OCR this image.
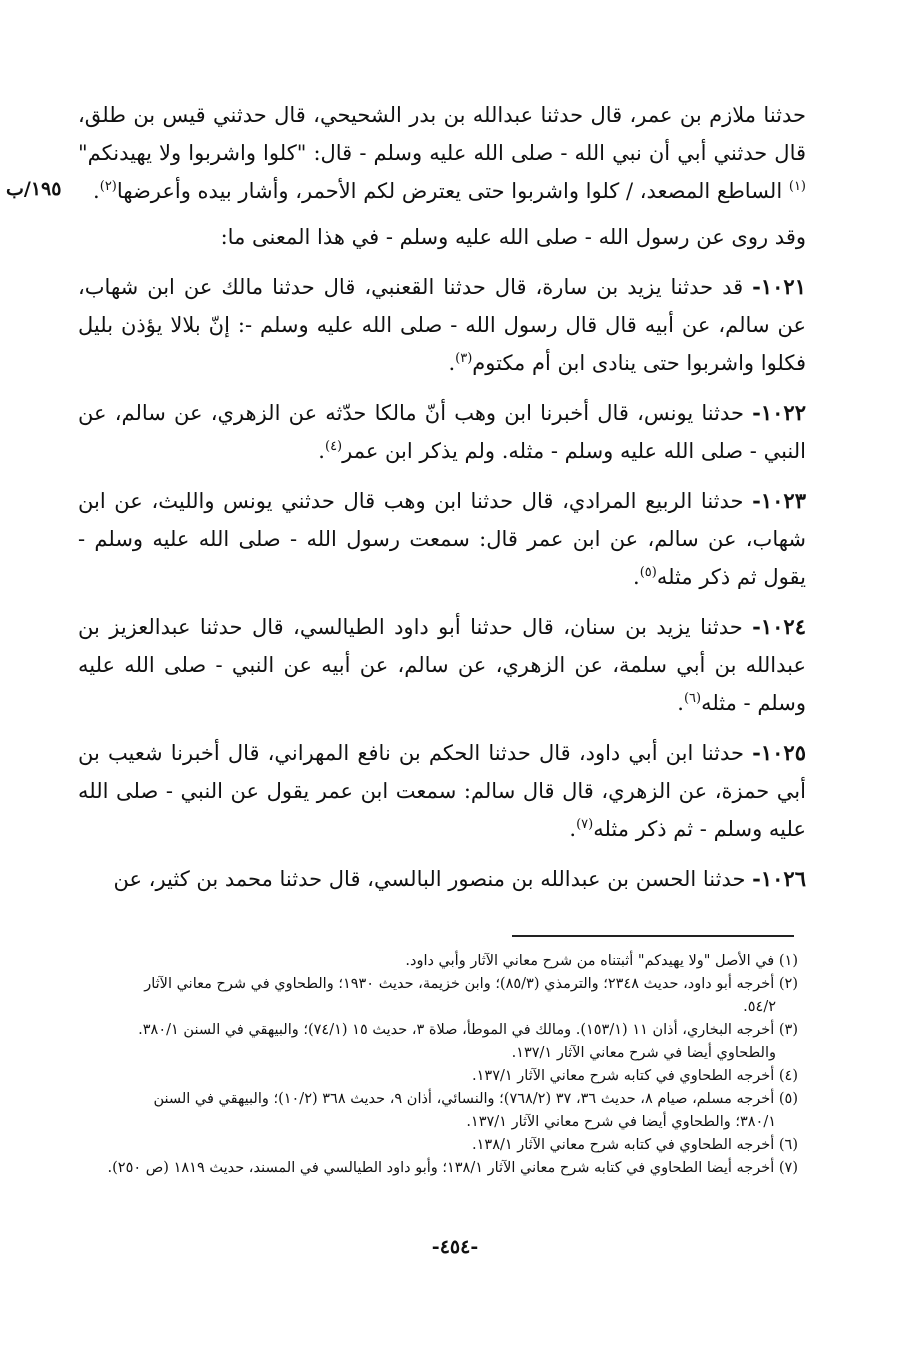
١٩٥/ب

حدثنا ملازم بن عمر، قال حدثنا عبدالله بن بدر الشحيحي، قال حدثني قيس بن طلق، قال حدثني أبي أن نبي الله - صلى الله عليه وسلم - قال: "كلوا واشربوا ولا يهيدنكم"$^{(١)}$ الساطع المصعد، / كلوا واشربوا حتى يعترض لكم الأحمر، وأشار بيده وأعرضها$^{(٢)}$.

وقد روى عن رسول الله - صلى الله عليه وسلم - في هذا المعنى ما:

١٠٢١- قد حدثنا يزيد بن سارة، قال حدثنا القعنبي، قال حدثنا مالك عن ابن شهاب، عن سالم، عن أبيه قال قال رسول الله - صلى الله عليه وسلم -: إنّ بلالا يؤذن بليل فكلوا واشربوا حتى ينادى ابن أم مكتوم$^{(٣)}$.

١٠٢٢- حدثنا يونس، قال أخبرنا ابن وهب أنّ مالكا حدّثه عن الزهري، عن سالم، عن النبي - صلى الله عليه وسلم - مثله. ولم يذكر ابن عمر$^{(٤)}$.

١٠٢٣- حدثنا الربيع المرادي، قال حدثنا ابن وهب قال حدثني يونس والليث، عن ابن شهاب، عن سالم، عن ابن عمر قال: سمعت رسول الله - صلى الله عليه وسلم - يقول ثم ذكر مثله$^{(٥)}$.

١٠٢٤- حدثنا يزيد بن سنان، قال حدثنا أبو داود الطيالسي، قال حدثنا عبدالعزيز بن عبدالله بن أبي سلمة، عن الزهري، عن سالم، عن أبيه عن النبي - صلى الله عليه وسلم - مثله$^{(٦)}$.

١٠٢٥- حدثنا ابن أبي داود، قال حدثنا الحكم بن نافع المهراني، قال أخبرنا شعيب بن أبي حمزة، عن الزهري، قال قال سالم: سمعت ابن عمر يقول عن النبي - صلى الله عليه وسلم - ثم ذكر مثله$^{(٧)}$.

١٠٢٦- حدثنا الحسن بن عبدالله بن منصور البالسي، قال حدثنا محمد بن كثير، عن

(١) في الأصل "ولا يهيدكم" أثبتناه من شرح معاني الآثار وأبي داود.

(٢) أخرجه أبو داود، حديث ٢٣٤٨؛ والترمذي (٨٥/٣)؛ وابن خزيمة، حديث ١٩٣٠؛ والطحاوي في شرح معاني الآثار
٥٤/٢.

(٣) أخرجه البخاري، أذان ١١ (١٥٣/١). ومالك في الموطأ، صلاة ٣، حديث ١٥ (٧٤/١)؛ والبيهقي في السنن ٣٨٠/١.
والطحاوي أيضا في شرح معاني الآثار ١٣٧/١.

(٤) أخرجه الطحاوي في كتابه شرح معاني الآثار ١٣٧/١.

(٥) أخرجه مسلم، صيام ٨، حديث ٣٦، ٣٧ (٧٦٨/٢)؛ والنسائي، أذان ٩، حديث ٣٦٨ (١٠/٢)؛ والبيهقي في السنن
٣٨٠/١؛ والطحاوي أيضا في شرح معاني الآثار ١٣٧/١.

(٦) أخرجه الطحاوي في كتابه شرح معاني الآثار ١٣٨/١.

(٧) أخرجه أيضا الطحاوي في كتابه شرح معاني الآثار ١٣٨/١؛ وأبو داود الطيالسي في المسند، حديث ١٨١٩ (ص ٢٥٠).

-٤٥٤-
